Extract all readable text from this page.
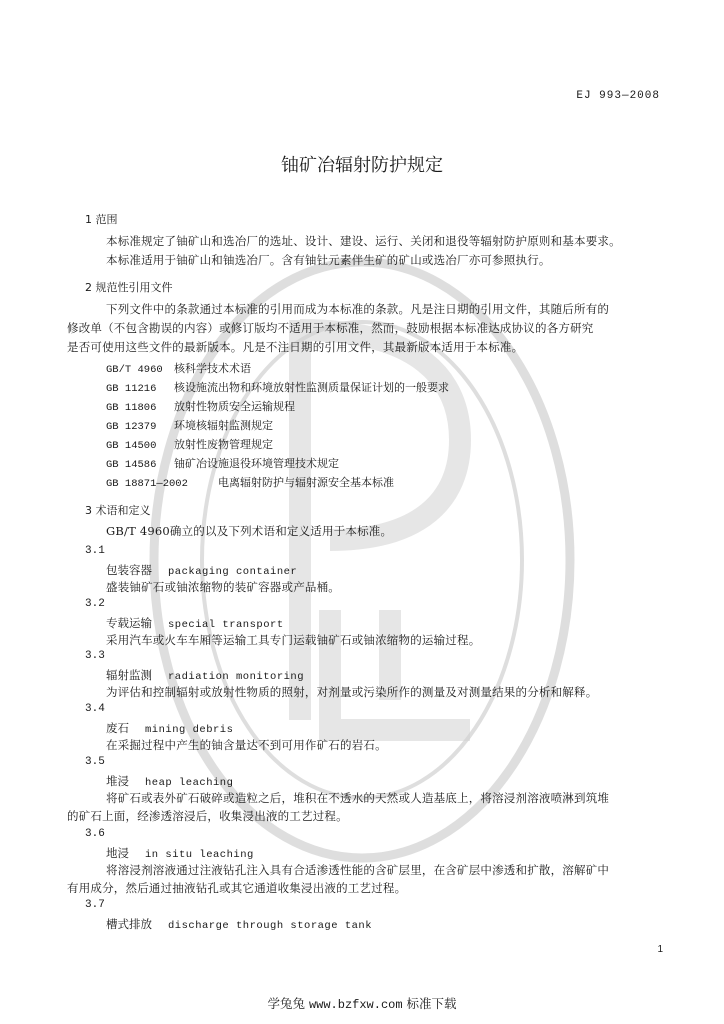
EJ 993—2008
铀矿冶辐射防护规定
1 范围
本标准规定了铀矿山和选冶厂的选址、设计、建设、运行、关闭和退役等辐射防护原则和基本要求。
本标准适用于铀矿山和铀选冶厂。含有铀钍元素伴生矿的矿山或选冶厂亦可参照执行。
2 规范性引用文件
下列文件中的条款通过本标准的引用而成为本标准的条款。凡是注日期的引用文件，其随后所有的
修改单（不包含勘误的内容）或修订版均不适用于本标准，然而，鼓励根据本标准达成协议的各方研究
是否可使用这些文件的最新版本。凡是不注日期的引用文件，其最新版本适用于本标准。
GB/T 4960 核科学技术术语
GB 11216 核设施流出物和环境放射性监测质量保证计划的一般要求
GB 11806 放射性物质安全运输规程
GB 12379 环境核辐射监测规定
GB 14500 放射性废物管理规定
GB 14586 铀矿冶设施退役环境管理技术规定
GB 18871—2002	电离辐射防护与辐射源安全基本标准
3 术语和定义
GB/T 4960确立的以及下列术语和定义适用于本标准。
3.1
包装容器 packaging container
盛装铀矿石或铀浓缩物的装矿容器或产品桶。
3.2
专载运输 special transport
采用汽车或火车车厢等运输工具专门运载铀矿石或铀浓缩物的运输过程。
3.3
辐射监测 radiation monitoring
为评估和控制辐射或放射性物质的照射，对剂量或污染所作的测量及对测量结果的分析和解释。
3.4
废石 mining debris
在采掘过程中产生的铀含量达不到可用作矿石的岩石。
3.5
堆浸 heap leaching
将矿石或表外矿石破碎或造粒之后，堆积在不透水的天然或人造基底上，将溶浸剂溶液喷淋到筑堆
的矿石上面，经渗透溶浸后，收集浸出液的工艺过程。
3.6
地浸 in situ leaching
将溶浸剂溶液通过注液钻孔注入具有合适渗透性能的含矿层里，在含矿层中渗透和扩散，溶解矿中
有用成分，然后通过抽液钻孔或其它通道收集浸出液的工艺过程。
3.7
槽式排放 discharge through storage tank
1
学兔兔 www.bzfxw.com 标准下载
